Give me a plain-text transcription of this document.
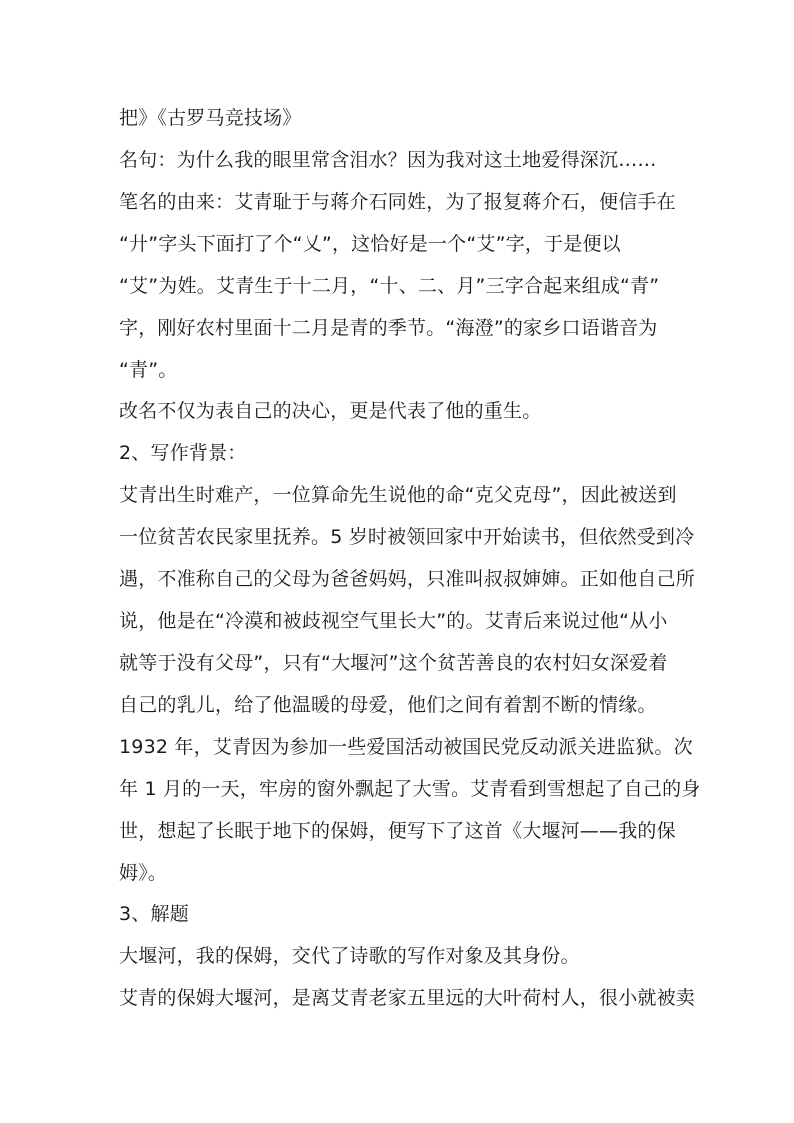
把》《古罗马竞技场》
名句：为什么我的眼里常含泪水？因为我对这土地爱得深沉……
笔名的由来：艾青耻于与蒋介石同姓，为了报复蒋介石，便信手在
“廾”字头下面打了个“乂”，这恰好是一个“艾”字，于是便以
“艾”为姓。艾青生于十二月，“十、二、月”三字合起来组成“青”
字，刚好农村里面十二月是青的季节。“海澄”的家乡口语谐音为
“青”。
改名不仅为表自己的决心，更是代表了他的重生。
2、写作背景：
艾青出生时难产，一位算命先生说他的命“克父克母”，因此被送到
一位贫苦农民家里抚养。5 岁时被领回家中开始读书，但依然受到冷
遇，不准称自己的父母为爸爸妈妈，只准叫叔叔婶婶。正如他自己所
说，他是在“冷漠和被歧视空气里长大”的。艾青后来说过他“从小
就等于没有父母”，只有“大堰河”这个贫苦善良的农村妇女深爱着
自己的乳儿，给了他温暖的母爱，他们之间有着割不断的情缘。
1932 年，艾青因为参加一些爱国活动被国民党反动派关进监狱。次
年 1 月的一天，牢房的窗外飘起了大雪。艾青看到雪想起了自己的身
世，想起了长眠于地下的保姆，便写下了这首《大堰河——我的保
姆》。
3、解题
大堰河，我的保姆，交代了诗歌的写作对象及其身份。
艾青的保姆大堰河，是离艾青老家五里远的大叶荷村人，很小就被卖
